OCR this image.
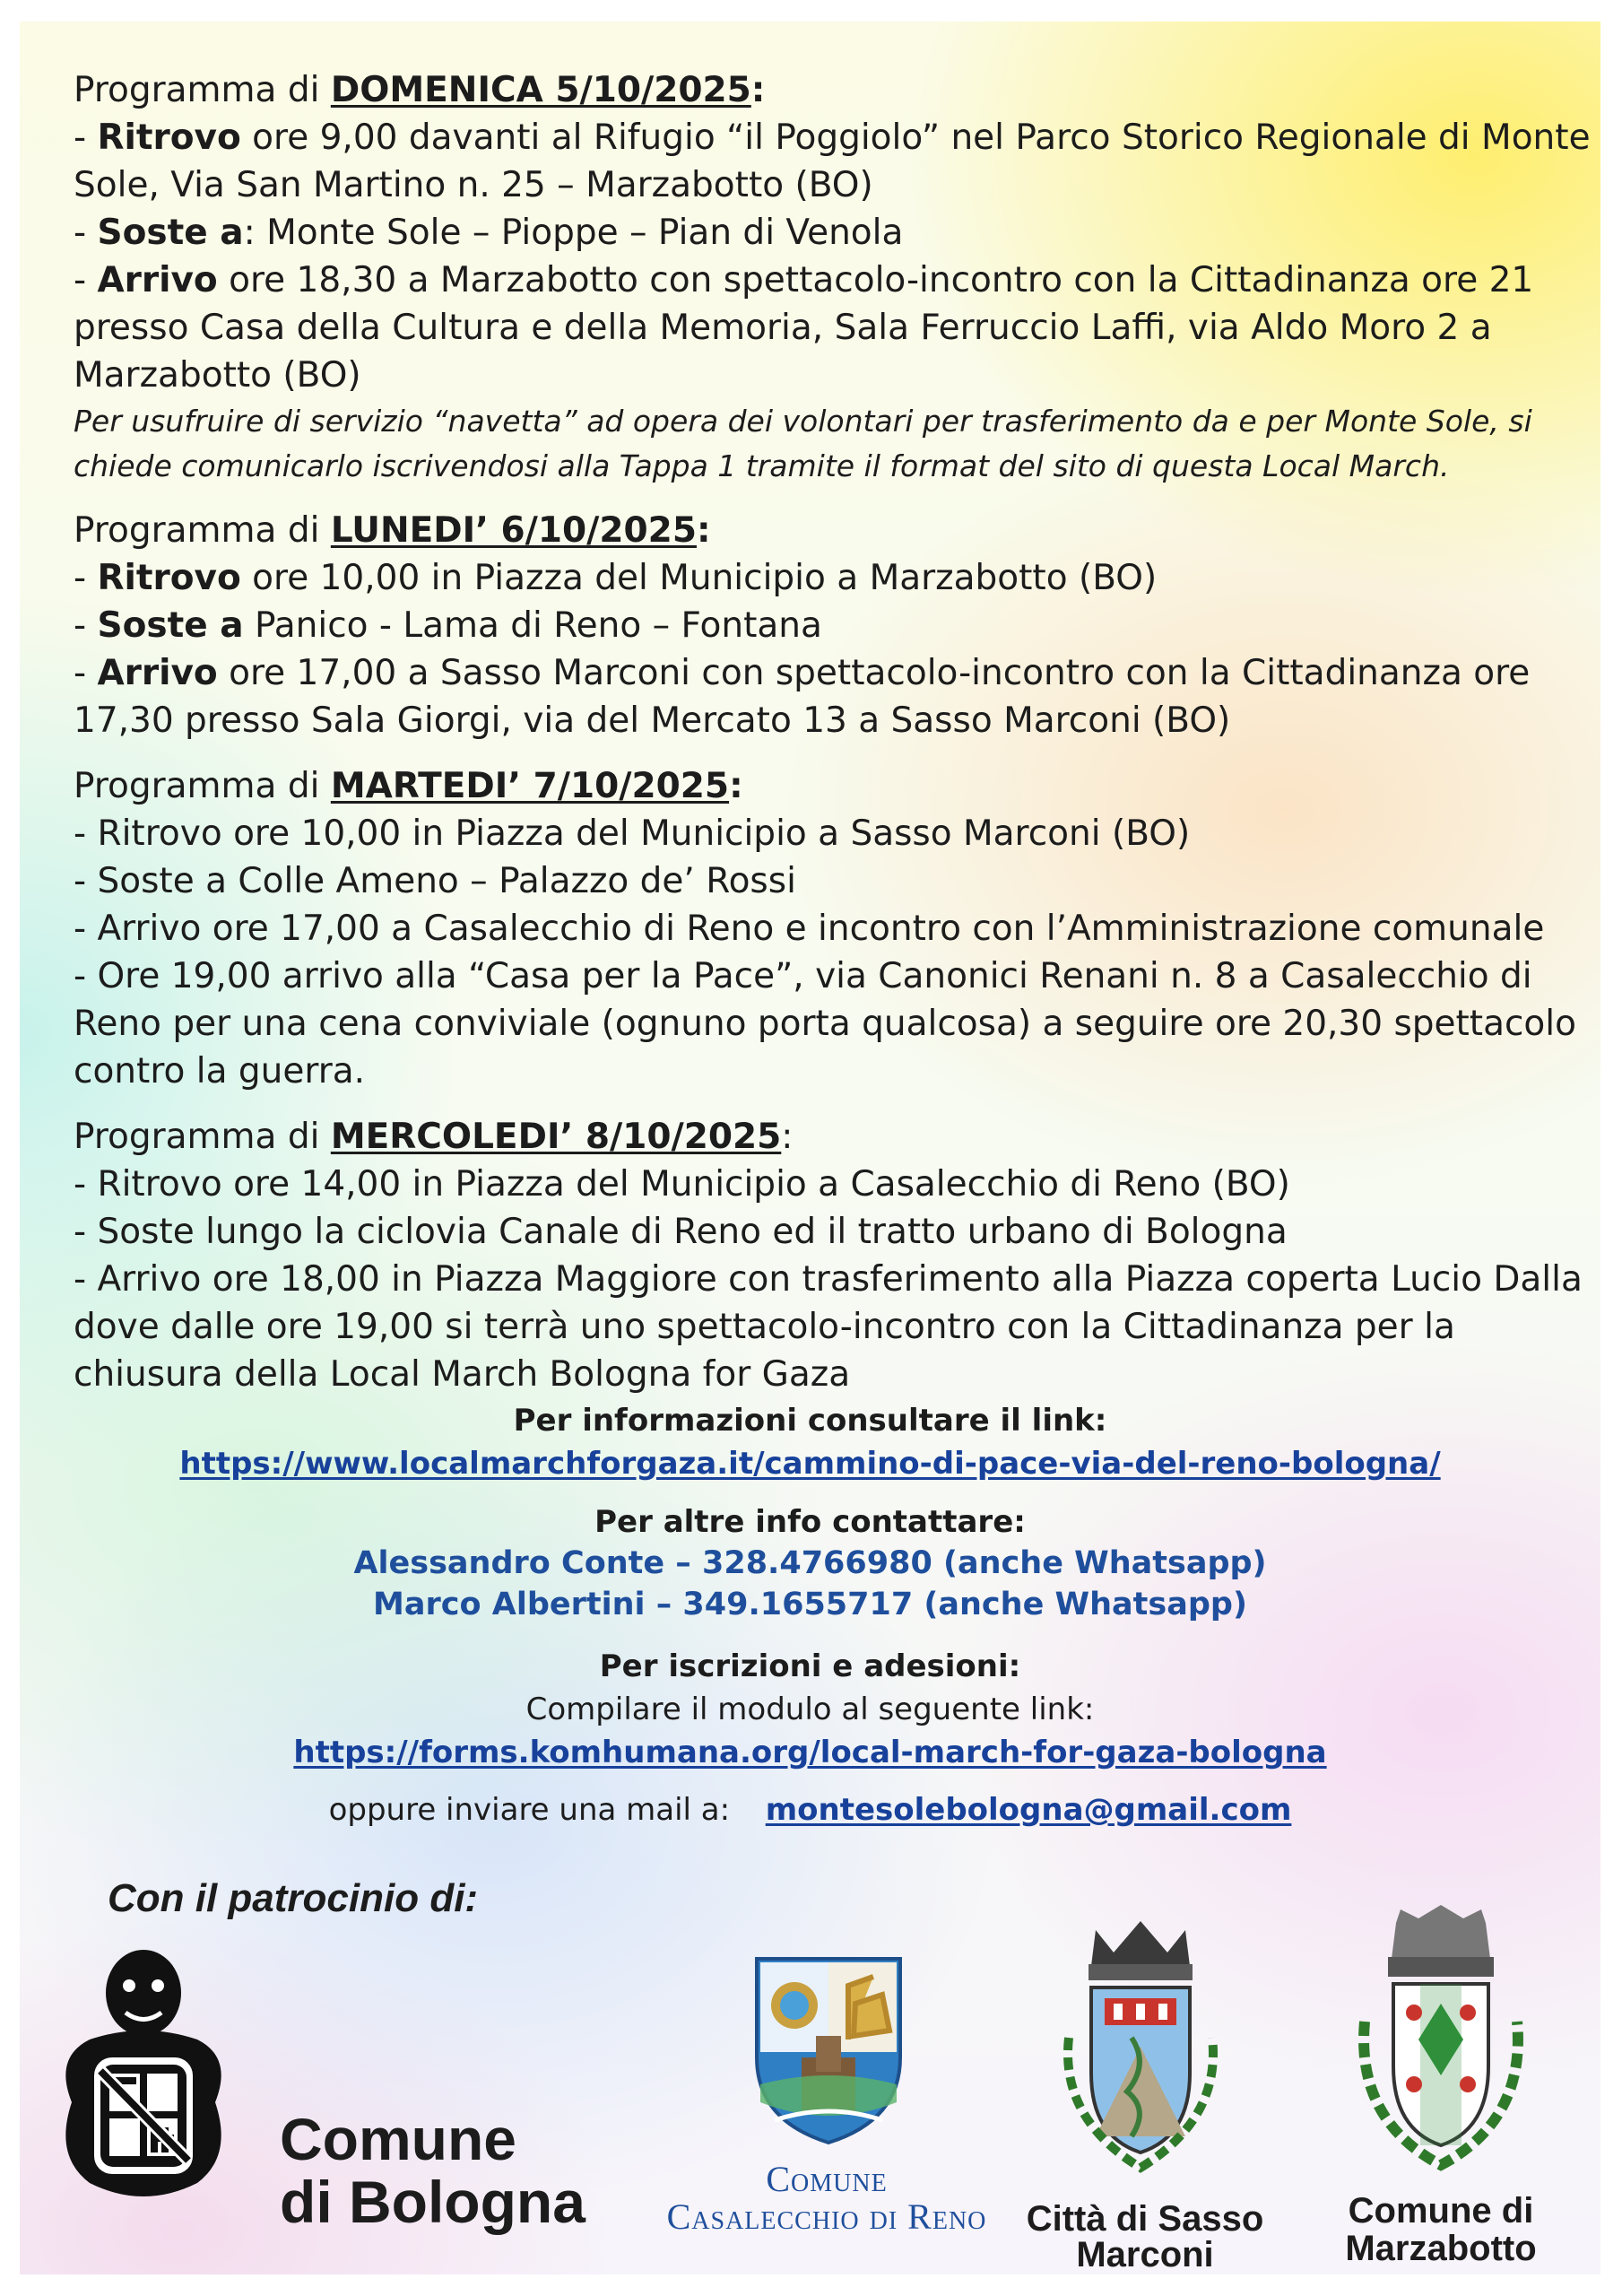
Programma di DOMENICA 5/10/2025:

- Ritrovo ore 9,00 davanti al Rifugio “il Poggiolo” nel Parco Storico Regionale di Monte Sole, Via San Martino n. 25 – Marzabotto (BO)

- Soste a: Monte Sole – Pioppe – Pian di Venola

- Arrivo ore 18,30 a Marzabotto con spettacolo-incontro con la Cittadinanza ore 21 presso Casa della Cultura e della Memoria, Sala Ferruccio Laffi, via Aldo Moro 2 a Marzabotto (BO)

Per usufruire di servizio “navetta” ad opera dei volontari per trasferimento da e per Monte Sole, si chiede comunicarlo iscrivendosi alla Tappa 1 tramite il format del sito di questa Local March.

Programma di LUNEDI’ 6/10/2025:

- Ritrovo ore 10,00 in Piazza del Municipio a Marzabotto (BO)

- Soste a Panico - Lama di Reno – Fontana

- Arrivo ore 17,00 a Sasso Marconi con spettacolo-incontro con la Cittadinanza ore 17,30 presso Sala Giorgi, via del Mercato 13 a Sasso Marconi (BO)

Programma di MARTEDI’ 7/10/2025:

- Ritrovo ore 10,00 in Piazza del Municipio a Sasso Marconi (BO)

- Soste a Colle Ameno – Palazzo de’ Rossi

- Arrivo ore 17,00 a Casalecchio di Reno e incontro con l’Amministrazione comunale

- Ore 19,00 arrivo alla “Casa per la Pace”, via Canonici Renani n. 8 a Casalecchio di Reno per una cena conviviale (ognuno porta qualcosa) a seguire ore 20,30 spettacolo contro la guerra.

Programma di MERCOLEDI’ 8/10/2025:

- Ritrovo ore 14,00 in Piazza del Municipio a Casalecchio di Reno (BO)

- Soste lungo la ciclovia Canale di Reno ed il tratto urbano di Bologna

- Arrivo ore 18,00 in Piazza Maggiore con trasferimento alla Piazza coperta Lucio Dalla dove dalle ore 19,00 si terrà uno spettacolo-incontro con la Cittadinanza per la chiusura della Local March Bologna for Gaza

Per informazioni consultare il link:
https://www.localmarchforgaza.it/cammino-di-pace-via-del-reno-bologna/
Per altre info contattare:
Alessandro Conte – 328.4766980 (anche Whatsapp)
Marco Albertini – 349.1655717 (anche Whatsapp)
Per iscrizioni e adesioni:
Compilare il modulo al seguente link:
https://forms.komhumana.org/local-march-for-gaza-bologna
oppure inviare una mail a: montesolebologna@gmail.com
Con il patrocinio di:
Comune
di Bologna	Comune
Casalecchio di Reno	Città di Sasso
Marconi
Comune di
Marzabotto
